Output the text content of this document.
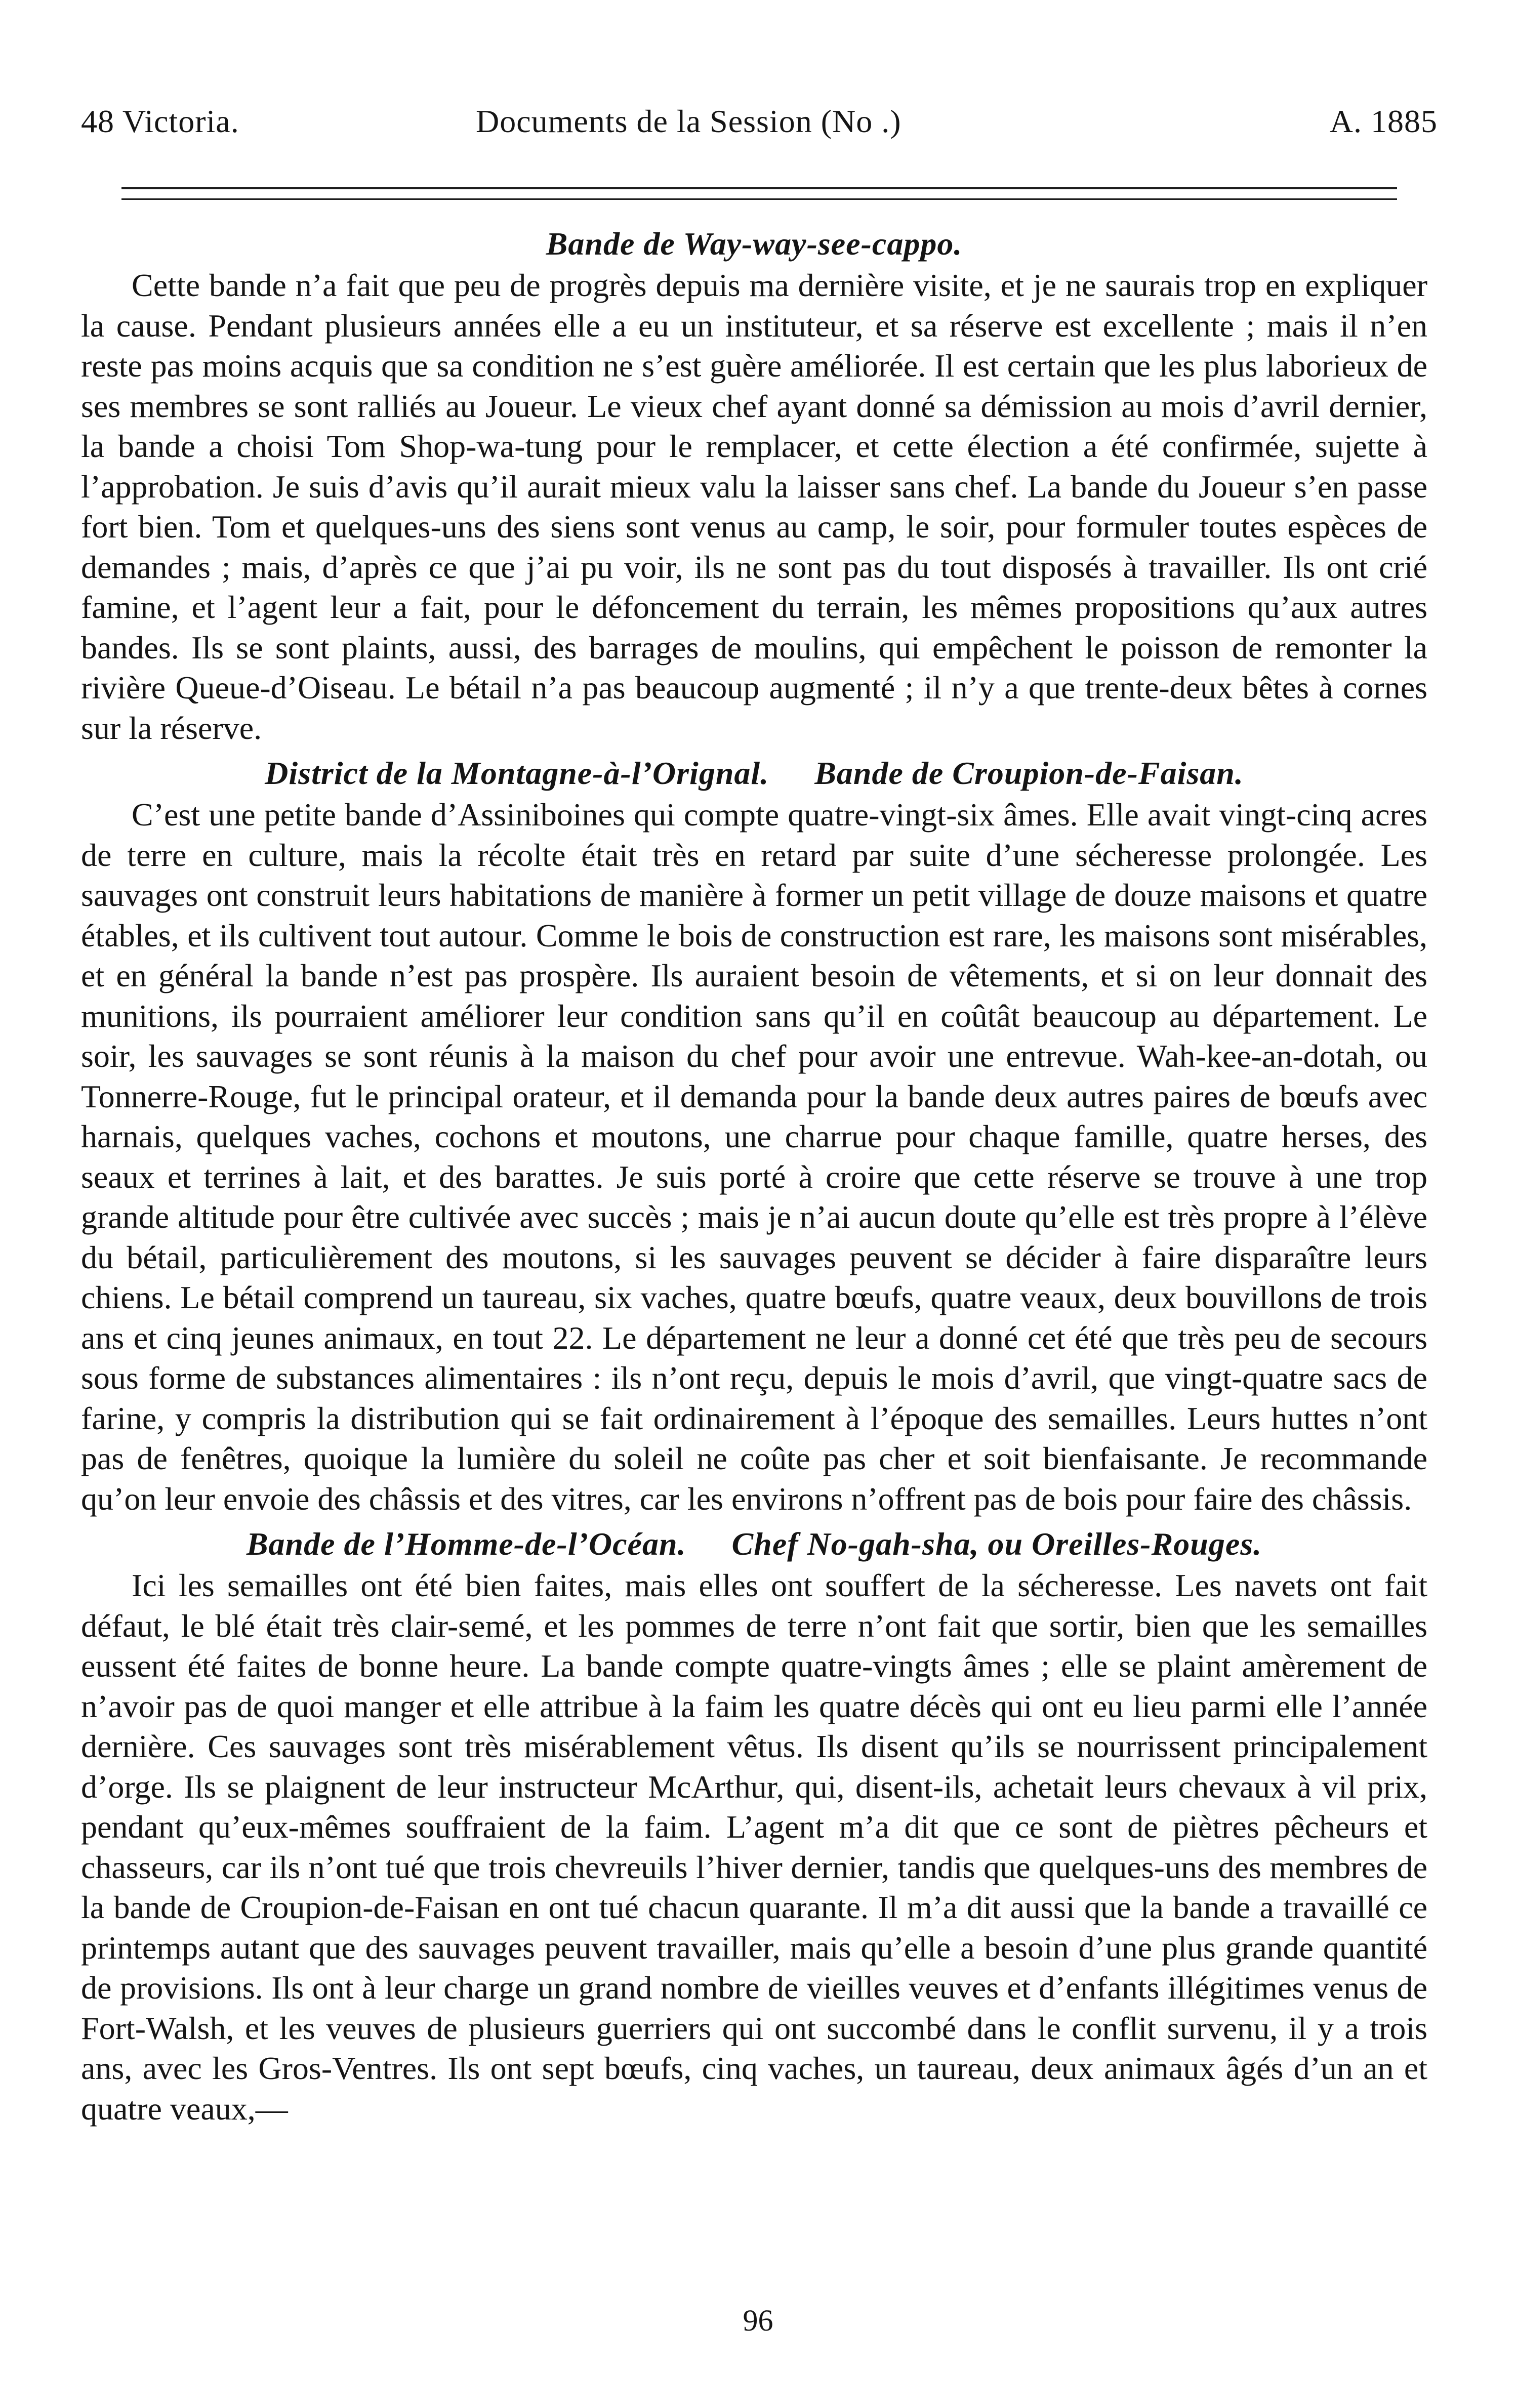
48 Victoria.	Documents de la Session (No .)	A. 1885
Bande de Way-way-see-cappo.

Cette bande n’a fait que peu de progrès depuis ma dernière visite, et je ne saurais trop en expliquer la cause. Pendant plusieurs années elle a eu un instituteur, et sa réserve est excellente ; mais il n’en reste pas moins acquis que sa condition ne s’est guère améliorée. Il est certain que les plus laborieux de ses membres se sont ralliés au Joueur. Le vieux chef ayant donné sa démission au mois d’avril dernier, la bande a choisi Tom Shop-wa-tung pour le remplacer, et cette élection a été confirmée, sujette à l’approbation. Je suis d’avis qu’il aurait mieux valu la laisser sans chef. La bande du Joueur s’en passe fort bien. Tom et quelques-uns des siens sont venus au camp, le soir, pour formuler toutes espèces de demandes ; mais, d’après ce que j’ai pu voir, ils ne sont pas du tout disposés à travailler. Ils ont crié famine, et l’agent leur a fait, pour le défoncement du terrain, les mêmes propositions qu’aux autres bandes. Ils se sont plaints, aussi, des barrages de moulins, qui empêchent le poisson de remonter la rivière Queue-d’Oiseau. Le bétail n’a pas beaucoup augmenté ; il n’y a que trente-deux bêtes à cornes sur la réserve.

District de la Montagne-à-l’Orignal. Bande de Croupion-de-Faisan.

C’est une petite bande d’Assiniboines qui compte quatre-vingt-six âmes. Elle avait vingt-cinq acres de terre en culture, mais la récolte était très en retard par suite d’une sécheresse prolongée. Les sauvages ont construit leurs habitations de manière à former un petit village de douze maisons et quatre étables, et ils cultivent tout autour. Comme le bois de construction est rare, les maisons sont misérables, et en général la bande n’est pas prospère. Ils auraient besoin de vêtements, et si on leur donnait des munitions, ils pourraient améliorer leur condition sans qu’il en coûtât beaucoup au département. Le soir, les sauvages se sont réunis à la maison du chef pour avoir une entrevue. Wah-kee-an-dotah, ou Tonnerre-Rouge, fut le principal orateur, et il demanda pour la bande deux autres paires de bœufs avec harnais, quelques vaches, cochons et moutons, une charrue pour chaque famille, quatre herses, des seaux et terrines à lait, et des barattes. Je suis porté à croire que cette réserve se trouve à une trop grande altitude pour être cultivée avec succès ; mais je n’ai aucun doute qu’elle est très propre à l’élève du bétail, particulièrement des moutons, si les sauvages peuvent se décider à faire disparaître leurs chiens. Le bétail comprend un taureau, six vaches, quatre bœufs, quatre veaux, deux bouvillons de trois ans et cinq jeunes animaux, en tout 22. Le département ne leur a donné cet été que très peu de secours sous forme de substances alimentaires : ils n’ont reçu, depuis le mois d’avril, que vingt-quatre sacs de farine, y compris la distribution qui se fait ordinairement à l’époque des semailles. Leurs huttes n’ont pas de fenêtres, quoique la lumière du soleil ne coûte pas cher et soit bienfaisante. Je recommande qu’on leur envoie des châssis et des vitres, car les environs n’offrent pas de bois pour faire des châssis.

Bande de l’Homme-de-l’Océan. Chef No-gah-sha, ou Oreilles-Rouges.

Ici les semailles ont été bien faites, mais elles ont souffert de la sécheresse. Les navets ont fait défaut, le blé était très clair-semé, et les pommes de terre n’ont fait que sortir, bien que les semailles eussent été faites de bonne heure. La bande compte quatre-vingts âmes ; elle se plaint amèrement de n’avoir pas de quoi manger et elle attribue à la faim les quatre décès qui ont eu lieu parmi elle l’année dernière. Ces sauvages sont très misérablement vêtus. Ils disent qu’ils se nourrissent principalement d’orge. Ils se plaignent de leur instructeur McArthur, qui, disent-ils, achetait leurs chevaux à vil prix, pendant qu’eux-mêmes souffraient de la faim. L’agent m’a dit que ce sont de piètres pêcheurs et chasseurs, car ils n’ont tué que trois chevreuils l’hiver dernier, tandis que quelques-uns des membres de la bande de Croupion-de-Faisan en ont tué chacun quarante. Il m’a dit aussi que la bande a travaillé ce printemps autant que des sauvages peuvent travailler, mais qu’elle a besoin d’une plus grande quantité de provisions. Ils ont à leur charge un grand nombre de vieilles veuves et d’enfants illégitimes venus de Fort-Walsh, et les veuves de plusieurs guerriers qui ont succombé dans le conflit survenu, il y a trois ans, avec les Gros-Ventres. Ils ont sept bœufs, cinq vaches, un taureau, deux animaux âgés d’un an et quatre veaux,—

96
